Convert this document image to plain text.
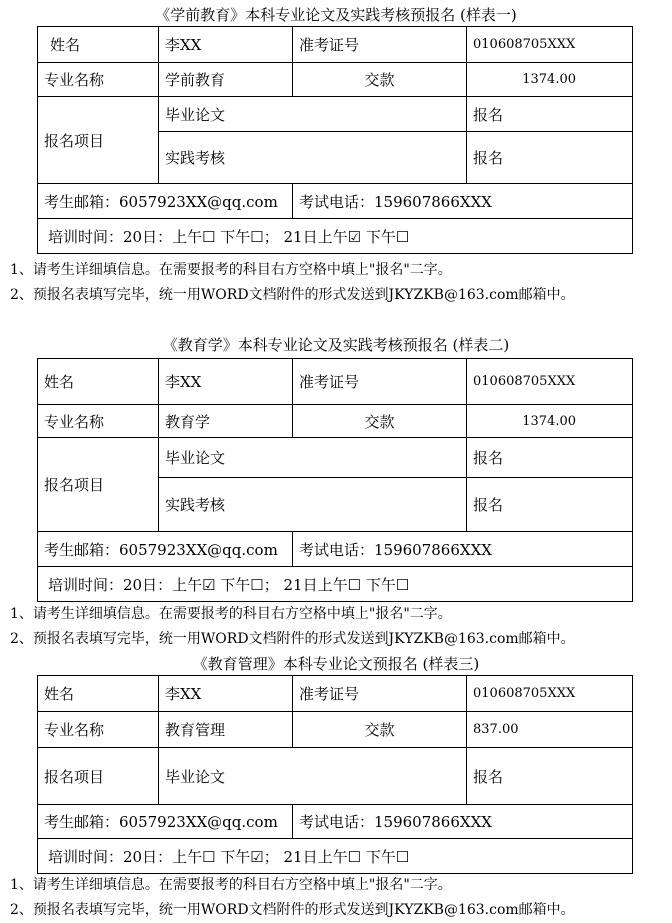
《学前教育》本科专业论文及实践考核预报名 (样表一)
姓名	李XX	准考证号	010608705XXX
专业名称	学前教育	交款	1374.00
报名项目	毕业论文		报名
	实践考核		报名
考生邮箱：6057923XX@qq.com		考试电话：159607866XXX	
培训时间：20日：上午☐ 下午☐； 21日上午☑ 下午☐			
1、请考生详细填信息。在需要报考的科目右方空格中填上"报名"二字。
2、预报名表填写完毕，统一用WORD文档附件的形式发送到JKYZKB@163.com邮箱中。
《教育学》本科专业论文及实践考核预报名 (样表二)
姓名	李XX	准考证号	010608705XXX
专业名称	教育学	交款	1374.00
报名项目	毕业论文		报名
	实践考核		报名
考生邮箱：6057923XX@qq.com		考试电话：159607866XXX	
培训时间：20日：上午☑ 下午☐； 21日上午☐ 下午☐			
1、请考生详细填信息。在需要报考的科目右方空格中填上"报名"二字。
2、预报名表填写完毕，统一用WORD文档附件的形式发送到JKYZKB@163.com邮箱中。
《教育管理》本科专业论文预报名 (样表三)
姓名	李XX	准考证号	010608705XXX
专业名称	教育管理	交款	837.00
报名项目	毕业论文		报名
考生邮箱：6057923XX@qq.com		考试电话：159607866XXX	
培训时间：20日：上午☐ 下午☑； 21日上午☐ 下午☐			
1、请考生详细填信息。在需要报考的科目右方空格中填上"报名"二字。
2、预报名表填写完毕，统一用WORD文档附件的形式发送到JKYZKB@163.com邮箱中。
